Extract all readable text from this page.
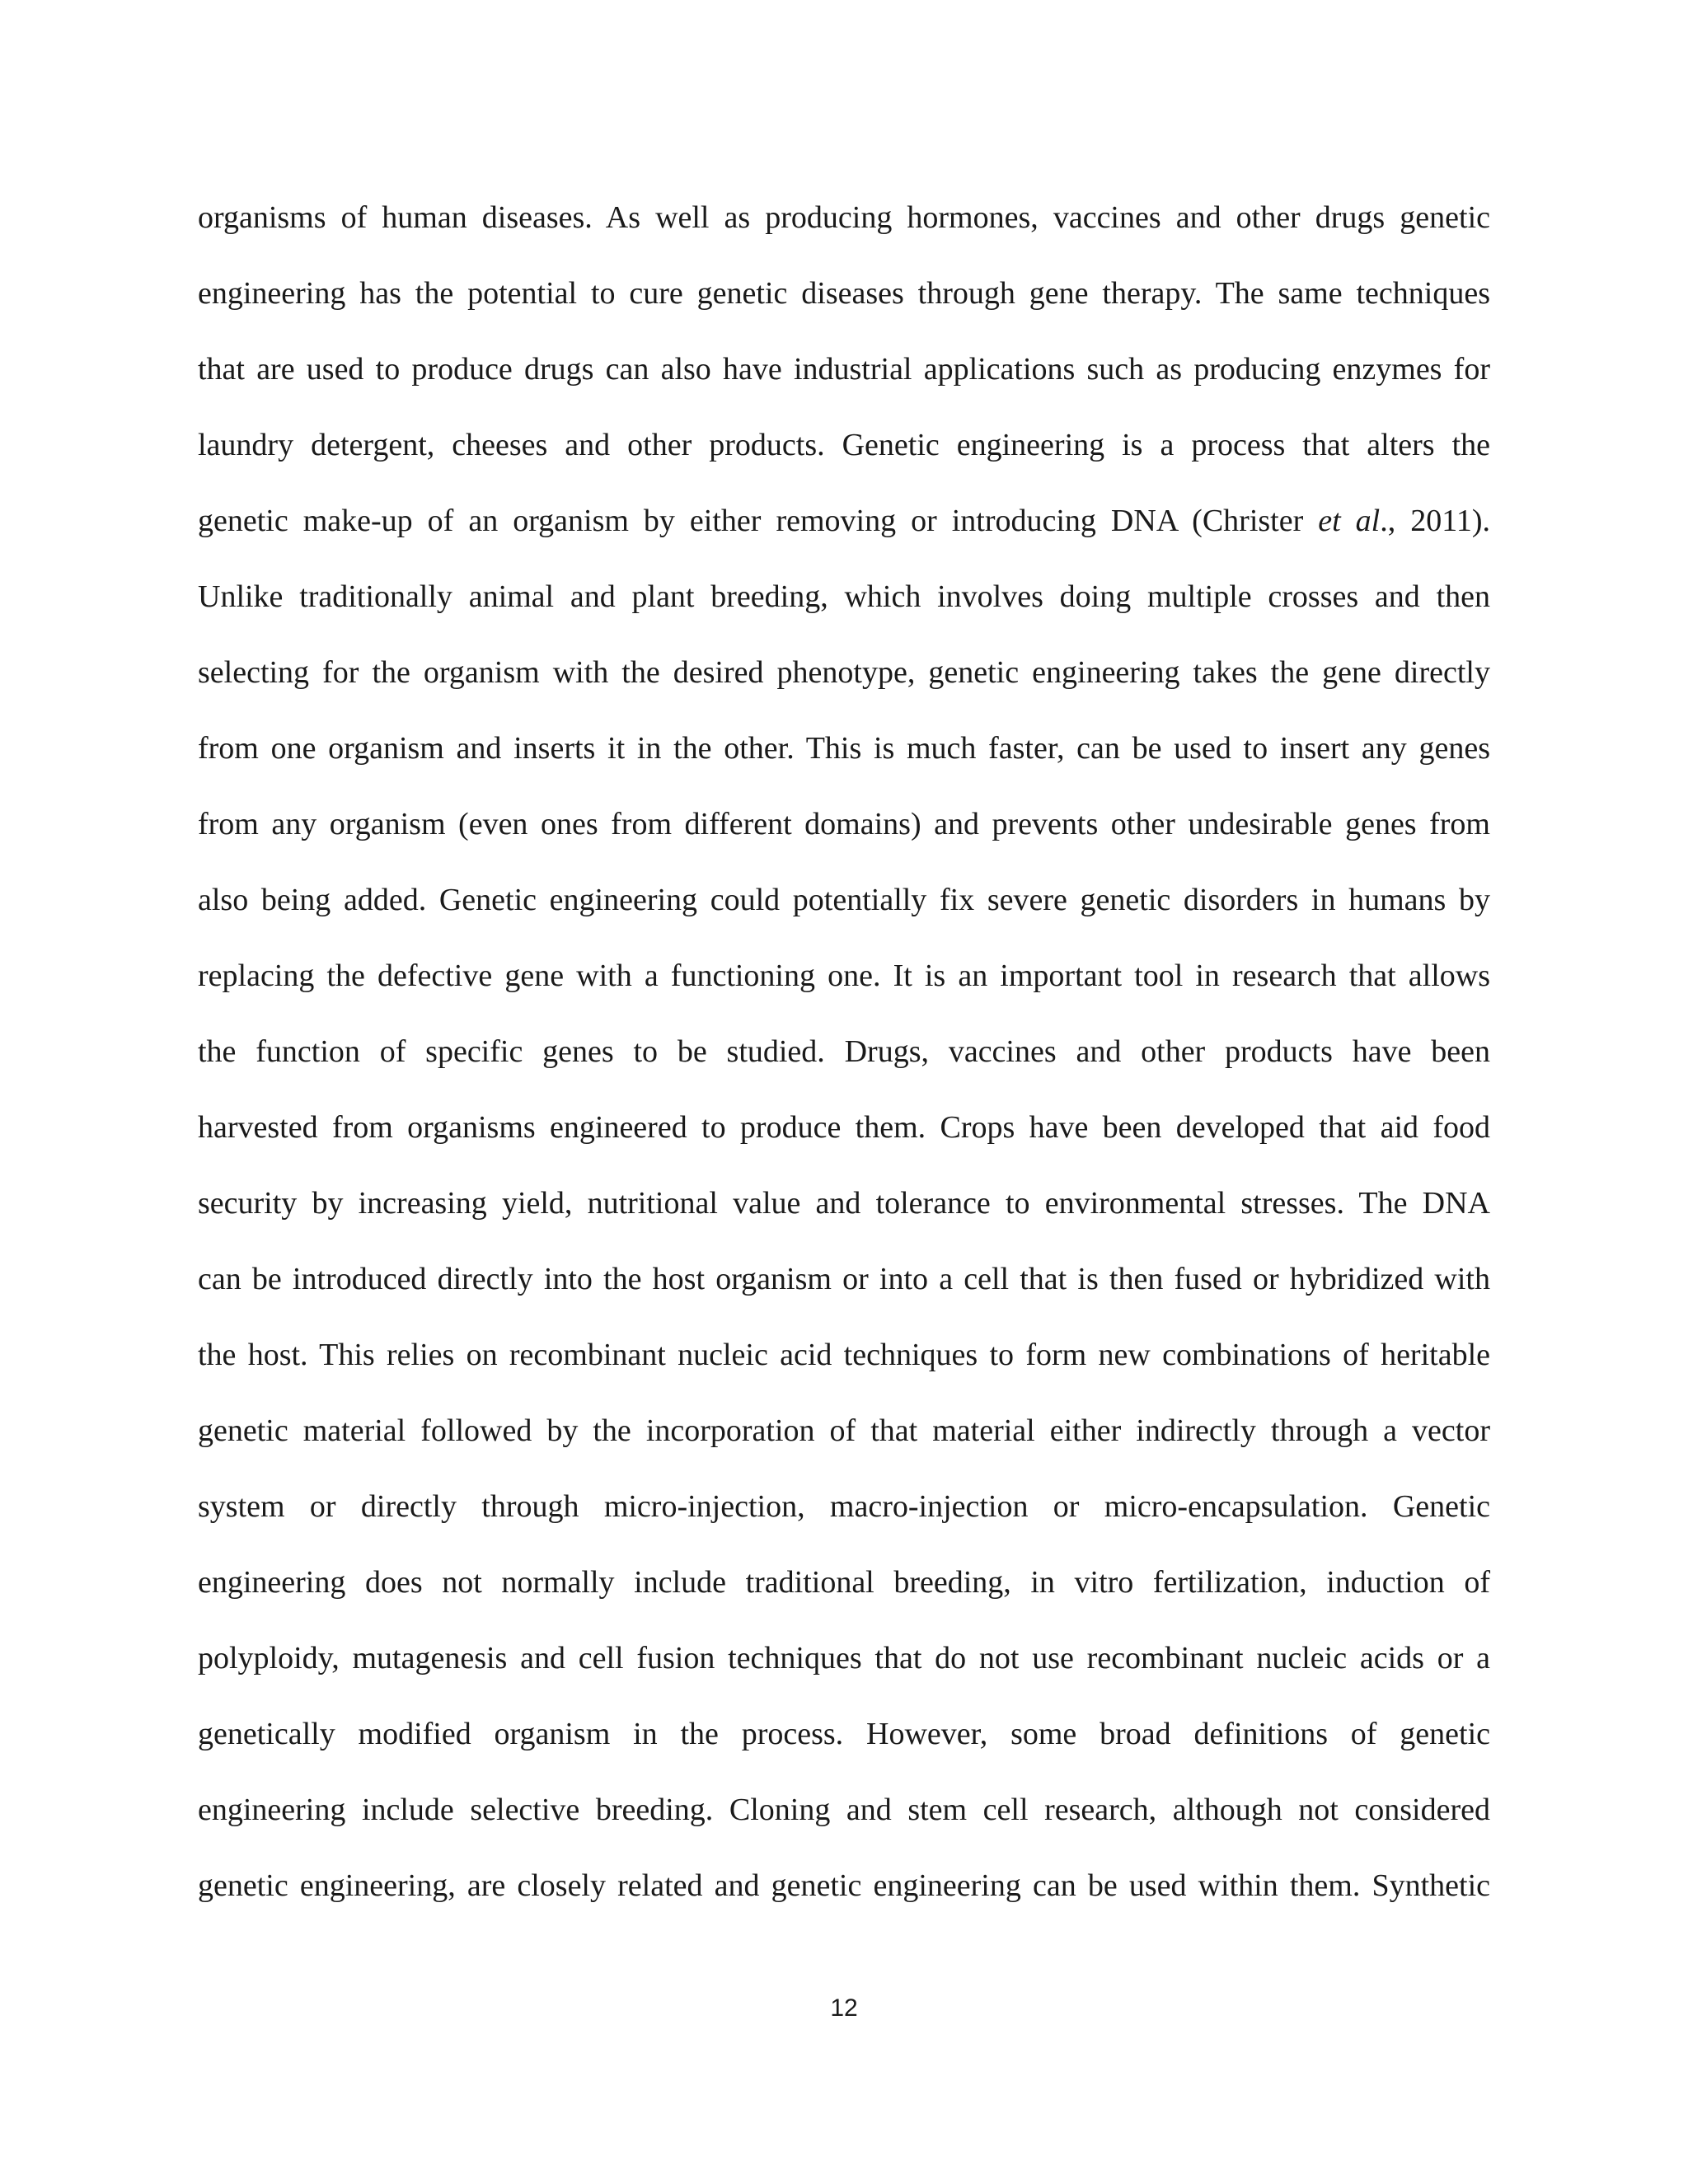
organisms of human diseases. As well as producing hormones, vaccines and other drugs genetic
engineering has the potential to cure genetic diseases through gene therapy. The same techniques
that are used to produce drugs can also have industrial applications such as producing enzymes for
laundry detergent, cheeses and other products. Genetic engineering is a process that alters the
genetic make-up of an organism by either removing or introducing DNA (Christer et al., 2011).
Unlike traditionally animal and plant breeding, which involves doing multiple crosses and then
selecting for the organism with the desired phenotype, genetic engineering takes the gene directly
from one organism and inserts it in the other. This is much faster, can be used to insert any genes
from any organism (even ones from different domains) and prevents other undesirable genes from
also being added. Genetic engineering could potentially fix severe genetic disorders in humans by
replacing the defective gene with a functioning one. It is an important tool in research that allows
the function of specific genes to be studied. Drugs, vaccines and other products have been
harvested from organisms engineered to produce them. Crops have been developed that aid food
security by increasing yield, nutritional value and tolerance to environmental stresses. The DNA
can be introduced directly into the host organism or into a cell that is then fused or hybridized with
the host. This relies on recombinant nucleic acid techniques to form new combinations of heritable
genetic material followed by the incorporation of that material either indirectly through a vector
system or directly through micro-injection, macro-injection or micro-encapsulation. Genetic
engineering does not normally include traditional breeding, in vitro fertilization, induction of
polyploidy, mutagenesis and cell fusion techniques that do not use recombinant nucleic acids or a
genetically modified organism in the process. However, some broad definitions of genetic
engineering include selective breeding. Cloning and stem cell research, although not considered
genetic engineering, are closely related and genetic engineering can be used within them. Synthetic
12
